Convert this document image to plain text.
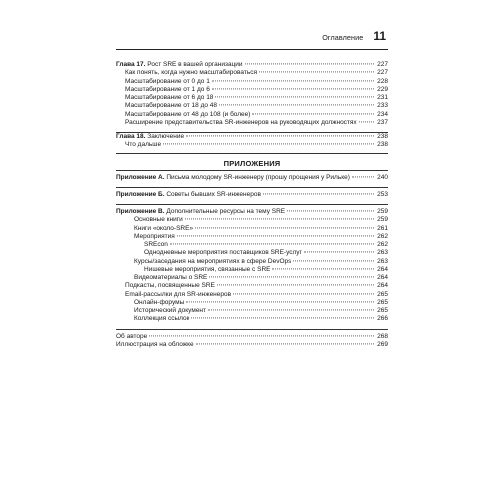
Оглавление 11
Глава 17. Рост SRE в вашей организации	227
Как понять, когда нужно масштабироваться	227
Масштабирование от 0 до 1	228
Масштабирование от 1 до 6	229
Масштабирование от 6 до 18	231
Масштабирование от 18 до 48	233
Масштабирование от 48 до 108 (и более)	234
Расширение представительства SR-инженеров на руководящих должностях	237
Глава 18. Заключение	238
Что дальше	238
ПРИЛОЖЕНИЯ
Приложение А. Письма молодому SR-инженеру (прошу прощения у Рильке)	240
Приложение Б. Советы бывших SR-инженеров	253
Приложение В. Дополнительные ресурсы на тему SRE	259
Основные книги	259
Книги «около-SRE»	261
Мероприятия	262
SREcon	262
Однодневные мероприятия поставщиков SRE-услуг	263
Курсы/заседания на мероприятиях в сфере DevOps	263
Нишевые мероприятия, связанные с SRE	264
Видеоматериалы о SRE	264
Подкасты, посвященные SRE	264
Email-рассылки для SR-инженеров	265
Онлайн-форумы	265
Исторический документ	265
Коллекция ссылок	266
Об авторе	268
Иллюстрация на обложке	269
